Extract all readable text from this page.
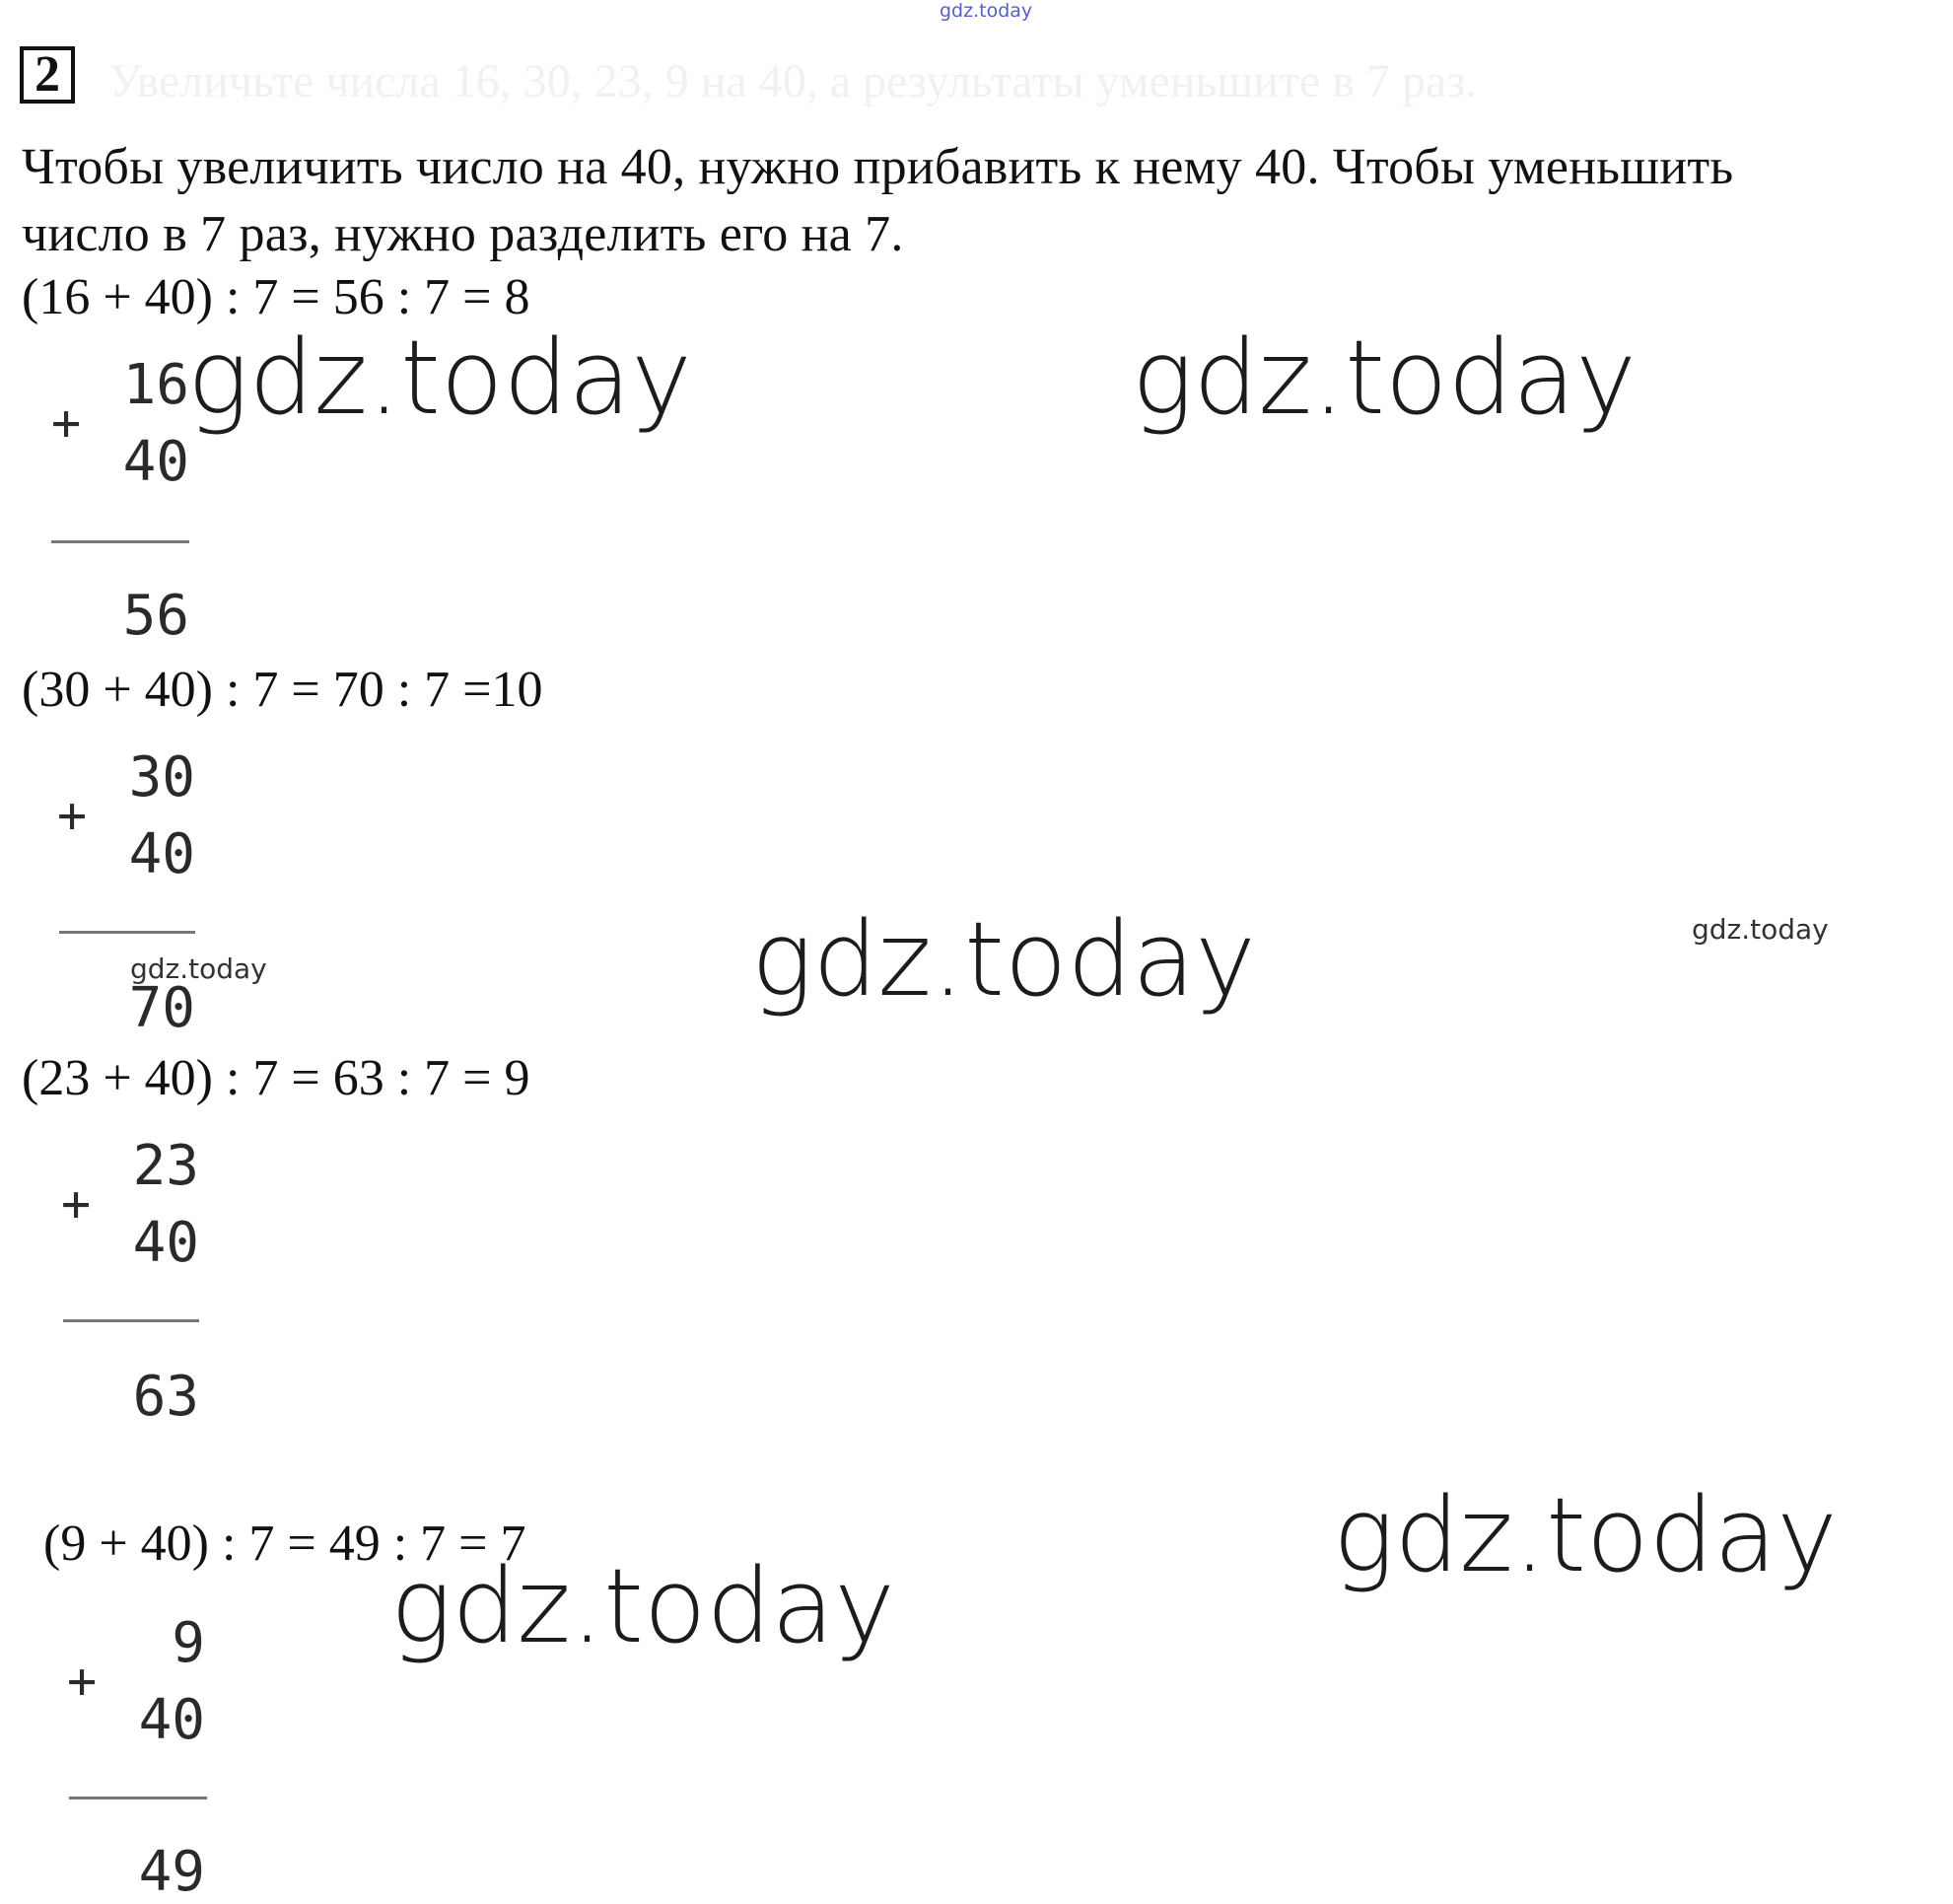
gdz.today
2	Увеличьте числа 16, 30, 23, 9 на 40, а результаты уменьшите в 7 раз.
Чтобы увеличить число на 40, нужно прибавить к нему 40. Чтобы уменьшить
число в 7 раз, нужно разделить его на 7.
(16 + 40) : 7 = 56 : 7 = 8
+
16
40
56
(30 + 40) : 7 = 70 : 7 =10
+
30
40
70
(23 + 40) : 7 = 63 : 7 = 9
+
23
40
63
(9 + 40) : 7 = 49 : 7 = 7
+
9
40
49
gdz.today	gdz.today
gdz.today
gdz.today
gdz.today
gdz.today
gdz.today
